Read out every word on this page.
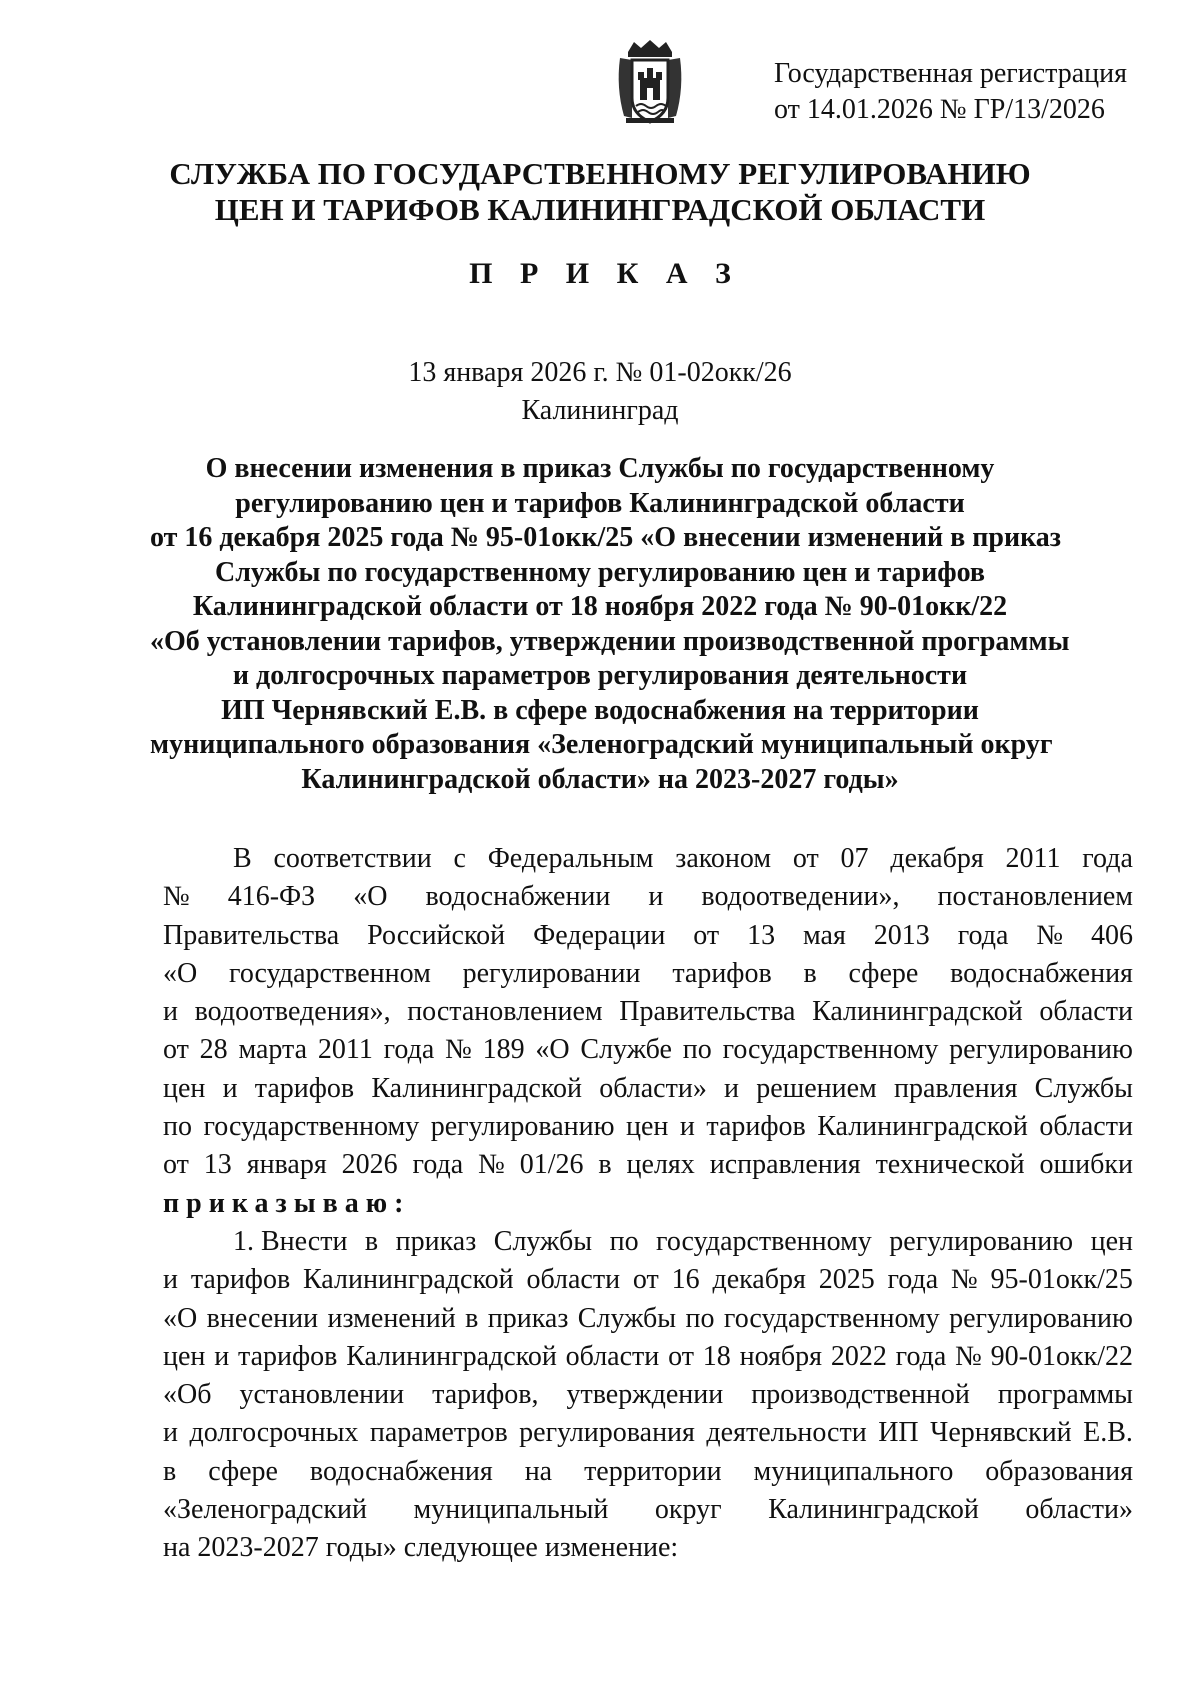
Государственная регистрация
от 14.01.2026 № ГР/13/2026
СЛУЖБА ПО ГОСУДАРСТВЕННОМУ РЕГУЛИРОВАНИЮ
ЦЕН И ТАРИФОВ КАЛИНИНГРАДСКОЙ ОБЛАСТИ
П Р И К А З
13 января 2026 г. № 01-02окк/26
Калининград
О внесении изменения в приказ Службы по государственному
регулированию цен и тарифов Калининградской области
от 16 декабря 2025 года № 95-01окк/25 «О внесении изменений в приказ
Службы по государственному регулированию цен и тарифов
Калининградской области от 18 ноября 2022 года № 90-01окк/22
«Об установлении тарифов, утверждении производственной программы
и долгосрочных параметров регулирования деятельности
ИП Чернявский Е.В. в сфере водоснабжения на территории
муниципального образования «Зеленоградский муниципальный округ
Калининградской области» на 2023-2027 годы»
В соответствии с Федеральным законом от 07 декабря 2011 года
№ 416-ФЗ «О водоснабжении и водоотведении», постановлением
Правительства Российской Федерации от 13 мая 2013 года № 406
«О государственном регулировании тарифов в сфере водоснабжения
и водоотведения», постановлением Правительства Калининградской области
от 28 марта 2011 года № 189 «О Службе по государственному регулированию
цен и тарифов Калининградской области» и решением правления Службы
по государственному регулированию цен и тарифов Калининградской области
от 13 января 2026 года № 01/26 в целях исправления технической ошибки
приказываю:
1. Внести в приказ Службы по государственному регулированию цен
и тарифов Калининградской области от 16 декабря 2025 года № 95-01окк/25
«О внесении изменений в приказ Службы по государственному регулированию
цен и тарифов Калининградской области от 18 ноября 2022 года № 90-01окк/22
«Об установлении тарифов, утверждении производственной программы
и долгосрочных параметров регулирования деятельности ИП Чернявский Е.В.
в сфере водоснабжения на территории муниципального образования
«Зеленоградский муниципальный округ Калининградской области»
на 2023-2027 годы» следующее изменение:
